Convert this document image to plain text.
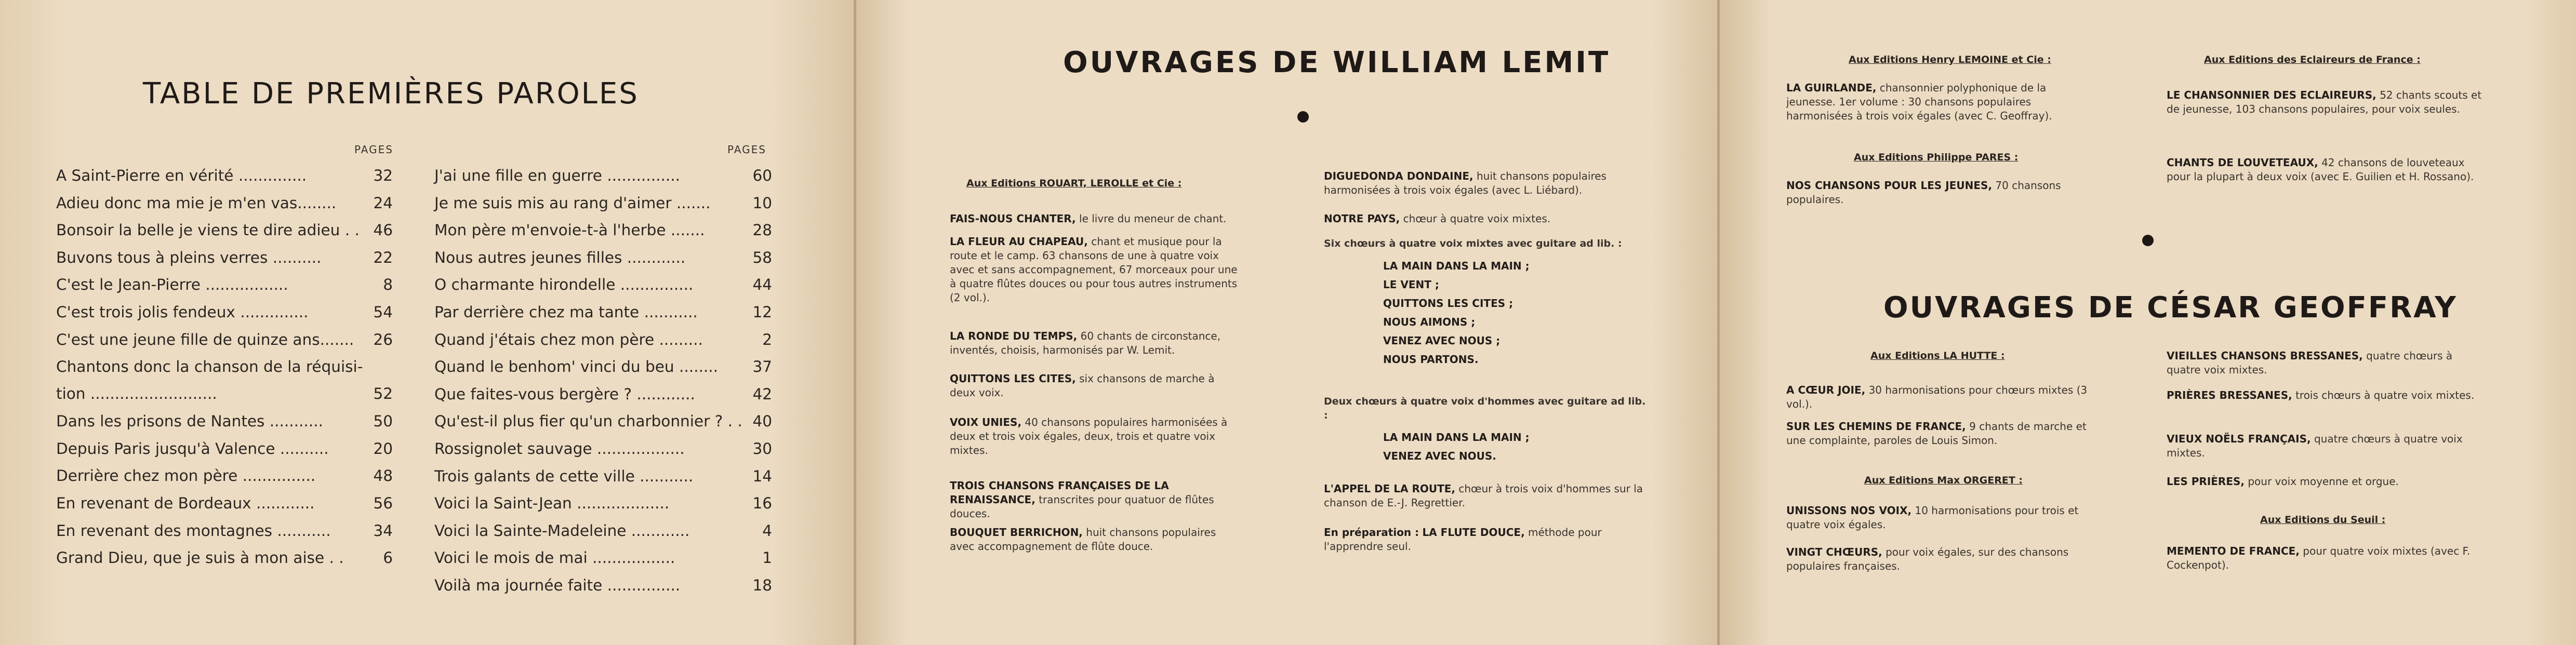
TABLE DE PREMIÈRES PAROLES
PAGES	PAGES
A Saint-Pierre en vérité ..............	32
Adieu donc ma mie je m'en vas........ 24
Bonsoir la belle je viens te dire adieu . . 46
Buvons tous à pleins verres ..........	22
C'est le Jean-Pierre .................	8
C'est trois jolis fendeux ..............	54
C'est une jeune fille de quinze ans....... 26
Chantons donc la chanson de la réquisi-
tion ..........................	52
Dans les prisons de Nantes ...........	50
Depuis Paris jusqu'à Valence ..........	20
Derrière chez mon père ...............	48
En revenant de Bordeaux ............	56
En revenant des montagnes ...........	34
Grand Dieu, que je suis à mon aise . .	6
J'ai une fille en guerre ...............	60
Je me suis mis au rang d'aimer .......	10
Mon père m'envoie-t-à l'herbe .......	28
Nous autres jeunes filles ............	58
O charmante hirondelle ...............	44
Par derrière chez ma tante ...........	12
Quand j'étais chez mon père .........	2
Quand le benhom' vinci du beu ........ 37
Que faites-vous bergère ? ............	42
Qu'est-il plus fier qu'un charbonnier ? . . 40
Rossignolet sauvage ..................	30
Trois galants de cette ville ...........	14
Voici la Saint-Jean ...................	16
Voici la Sainte-Madeleine ............	4
Voici le mois de mai .................	1
Voilà ma journée faite ...............	18
OUVRAGES DE WILLIAM LEMIT
Aux Editions ROUART, LEROLLE et Cie :
FAIS-NOUS CHANTER, le livre du meneur de chant.
LA FLEUR AU CHAPEAU, chant et musique pour la route et le camp. 63 chansons de une à quatre voix avec et sans accompagnement, 67 morceaux pour une à quatre flûtes douces ou pour tous autres instruments (2 vol.).
LA RONDE DU TEMPS, 60 chants de circonstance, inventés, choisis, harmonisés par W. Lemit.
QUITTONS LES CITES, six chansons de marche à deux voix.
VOIX UNIES, 40 chansons populaires harmonisées à deux et trois voix égales, deux, trois et quatre voix mixtes.
TROIS CHANSONS FRANÇAISES DE LA RENAISSANCE, transcrites pour quatuor de flûtes douces.
BOUQUET BERRICHON, huit chansons populaires avec accompagnement de flûte douce.
DIGUEDONDA DONDAINE, huit chansons populaires harmonisées à trois voix égales (avec L. Liébard).
NOTRE PAYS, chœur à quatre voix mixtes.
Six chœurs à quatre voix mixtes avec guitare ad lib. :
LA MAIN DANS LA MAIN ;
LE VENT ;
QUITTONS LES CITES ;
NOUS AIMONS ;
VENEZ AVEC NOUS ;
NOUS PARTONS.
Deux chœurs à quatre voix d'hommes avec guitare ad lib. :
LA MAIN DANS LA MAIN ;
VENEZ AVEC NOUS.
L'APPEL DE LA ROUTE, chœur à trois voix d'hommes sur la chanson de E.-J. Regrettier.
En préparation : LA FLUTE DOUCE, méthode pour l'apprendre seul.
Aux Editions Henry LEMOINE et Cie :
LA GUIRLANDE, chansonnier polyphonique de la jeunesse. 1er volume : 30 chansons populaires harmonisées à trois voix égales (avec C. Geoffray).
Aux Editions Philippe PARES :
NOS CHANSONS POUR LES JEUNES, 70 chansons populaires.
Aux Editions des Eclaireurs de France :
LE CHANSONNIER DES ECLAIREURS, 52 chants scouts et de jeunesse, 103 chansons populaires, pour voix seules.
CHANTS DE LOUVETEAUX, 42 chansons de louveteaux pour la plupart à deux voix (avec E. Guilien et H. Rossano).
OUVRAGES DE CÉSAR GEOFFRAY
Aux Editions LA HUTTE :
A CŒUR JOIE, 30 harmonisations pour chœurs mixtes (3 vol.).
SUR LES CHEMINS DE FRANCE, 9 chants de marche et une complainte, paroles de Louis Simon.
Aux Editions Max ORGERET :
UNISSONS NOS VOIX, 10 harmonisations pour trois et quatre voix égales.
VINGT CHŒURS, pour voix égales, sur des chansons populaires françaises.
VIEILLES CHANSONS BRESSANES, quatre chœurs à quatre voix mixtes.
PRIÈRES BRESSANES, trois chœurs à quatre voix mixtes.
VIEUX NOËLS FRANÇAIS, quatre chœurs à quatre voix mixtes.
LES PRIÈRES, pour voix moyenne et orgue.
Aux Editions du Seuil :
MEMENTO DE FRANCE, pour quatre voix mixtes (avec F. Cockenpot).
